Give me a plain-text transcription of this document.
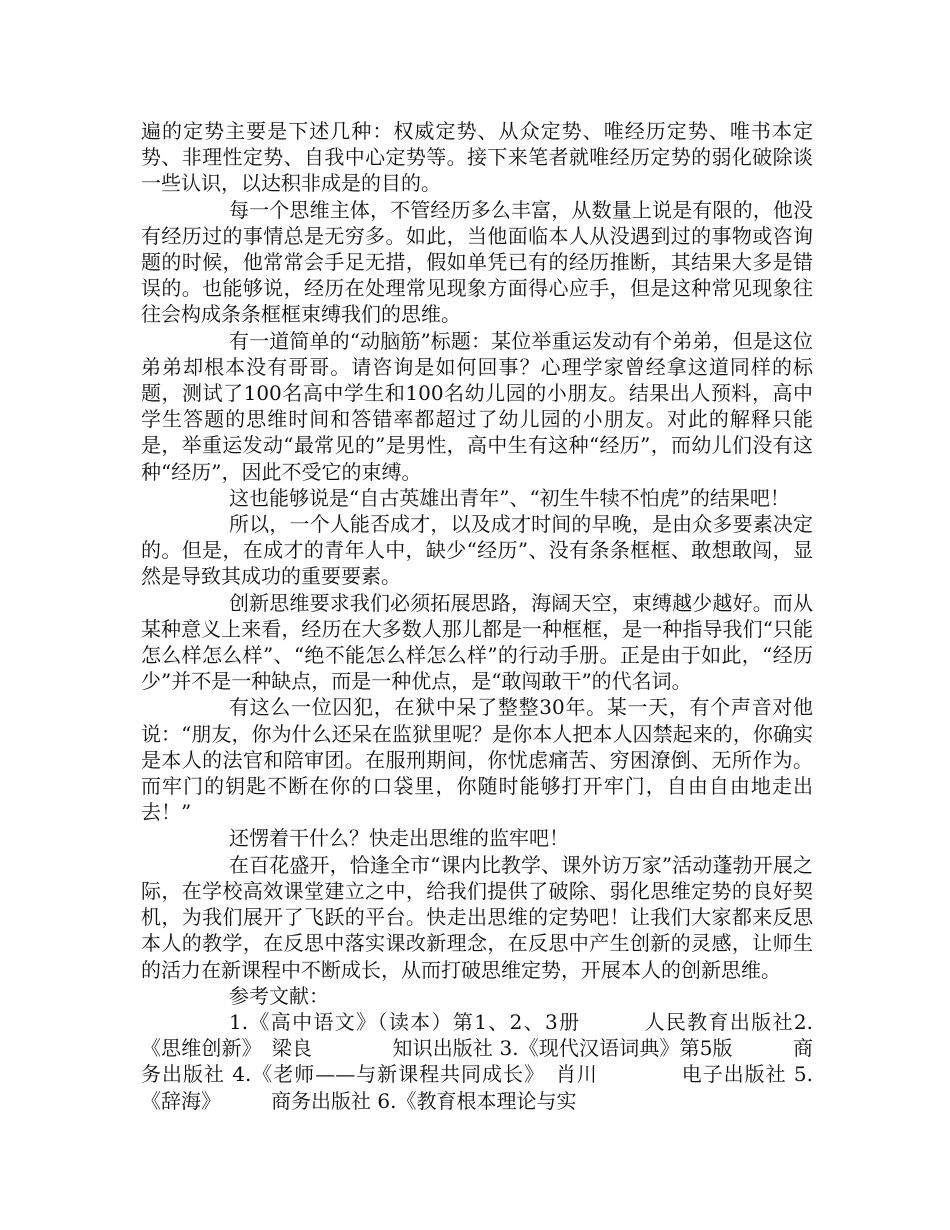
遍的定势主要是下述几种：权威定势、从众定势、唯经历定势、唯书本定势、非理性定势、自我中心定势等。接下来笔者就唯经历定势的弱化破除谈一些认识，以达积非成是的目的。

每一个思维主体，不管经历多么丰富，从数量上说是有限的，他没有经历过的事情总是无穷多。如此，当他面临本人从没遇到过的事物或咨询题的时候，他常常会手足无措，假如单凭已有的经历推断，其结果大多是错误的。也能够说，经历在处理常见现象方面得心应手，但是这种常见现象往往会构成条条框框束缚我们的思维。

有一道简单的“动脑筋”标题：某位举重运发动有个弟弟，但是这位弟弟却根本没有哥哥。请咨询是如何回事？心理学家曾经拿这道同样的标题，测试了100名高中学生和100名幼儿园的小朋友。结果出人预料，高中学生答题的思维时间和答错率都超过了幼儿园的小朋友。对此的解释只能是，举重运发动“最常见的”是男性，高中生有这种“经历”，而幼儿们没有这种“经历”，因此不受它的束缚。

这也能够说是“自古英雄出青年”、“初生牛犊不怕虎”的结果吧！

所以，一个人能否成才，以及成才时间的早晚，是由众多要素决定的。但是，在成才的青年人中，缺少“经历”、没有条条框框、敢想敢闯，显然是导致其成功的重要要素。

创新思维要求我们必须拓展思路，海阔天空，束缚越少越好。而从某种意义上来看，经历在大多数人那儿都是一种框框，是一种指导我们“只能怎么样怎么样”、“绝不能怎么样怎么样”的行动手册。正是由于如此，“经历少”并不是一种缺点，而是一种优点，是“敢闯敢干”的代名词。

有这么一位囚犯，在狱中呆了整整30年。某一天，有个声音对他说：“朋友，你为什么还呆在监狱里呢？是你本人把本人囚禁起来的，你确实是本人的法官和陪审团。在服刑期间，你忧虑痛苦、穷困潦倒、无所作为。而牢门的钥匙不断在你的口袋里，你随时能够打开牢门，自由自由地走出去！”

还愣着干什么？快走出思维的监牢吧！

在百花盛开，恰逢全市“课内比教学、课外访万家”活动蓬勃开展之际，在学校高效课堂建立之中，给我们提供了破除、弱化思维定势的良好契机，为我们展开了飞跃的平台。快走出思维的定势吧！让我们大家都来反思本人的教学，在反思中落实课改新理念，在反思中产生创新的灵感，让师生的活力在新课程中不断成长，从而打破思维定势，开展本人的创新思维。

参考文献：

1.《高中语文》（读本）第1、2、3册　　　人民教育出版社2.《思维创新》　梁良　　　　知识出版社 3.《现代汉语词典》第5版　　　商务出版社 4.《老师——与新课程共同成长》　肖川　　　　电子出版社 5.《辞海》　　　商务出版社 6.《教育根本理论与实
